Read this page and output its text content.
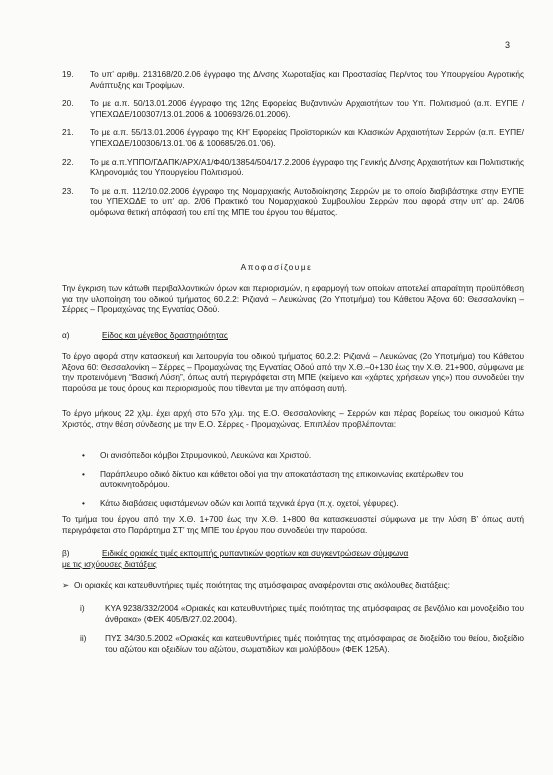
3
19. Το υπ’ αριθμ. 213168/20.2.06 έγγραφο της Δ/νσης Χωροταξίας και Προστασίας Περ/ντος του Υπουργείου Αγροτικής Ανάπτυξης και Τροφίμων.
20. Το με α.π. 50/13.01.2006 έγγραφο της 12ης Εφορείας Βυζαντινών Αρχαιοτήτων του Υπ. Πολιτισμού (α.π. ΕΥΠΕ /ΥΠΕΧΩΔΕ/100307/13.01.2006 & 100693/26.01.2006).
21. Το με α.π. 55/13.01.2006 έγγραφο της ΚΗ’ Εφορείας Προϊστορικών και Κλασικών Αρχαιοτήτων Σερρών (α.π. ΕΥΠΕ/ΥΠΕΧΩΔΕ/100306/13.01.’06 & 100685/26.01.’06).
22. Το με α.π.ΥΠΠΟ/ΓΔΑΠΚ/ΑΡΧ/Α1/Φ40/13854/504/17.2.2006 έγγραφο της Γενικής Δ/νσης Αρχαιοτήτων και Πολιτιστικής Κληρονομιάς του Υπουργείου Πολιτισμού.
23. Το με α.π. 112/10.02.2006 έγγραφο της Νομαρχιακής Αυτοδιοίκησης Σερρών με το οποίο διαβιβάστηκε στην ΕΥΠΕ του ΥΠΕΧΩΔΕ το υπ’ αρ. 2/06 Πρακτικό του Νομαρχιακού Συμβουλίου Σερρών που αφορά στην υπ’ αρ. 24/06 ομόφωνα θετική απόφασή του επί της ΜΠΕ του έργου του θέματος.
Αποφασίζουμε
Την έγκριση των κάτωθι περιβαλλοντικών όρων και περιορισμών, η εφαρμογή των οποίων αποτελεί απαραίτητη προϋπόθεση για την υλοποίηση του οδικού τμήματος 60.2.2: Ριζιανά – Λευκώνας (2ο Υποτμήμα) του Κάθετου Άξονα 60: Θεσσαλονίκη – Σέρρες – Προμαχώνας της Εγνατίας Οδού.
α)	Είδος και μέγεθος δραστηριότητας
Το έργο αφορά στην κατασκευή και λειτουργία του οδικού τμήματος 60.2.2: Ριζιανά – Λευκώνας (2ο Υποτμήμα) του Κάθετου Άξονα 60: Θεσσαλονίκη – Σέρρες – Προμαχώνας της Εγνατίας Οδού από την Χ.Θ.–0+130 έως την Χ.Θ. 21+900, σύμφωνα με την προτεινόμενη “Βασική Λύση”, όπως αυτή περιγράφεται στη ΜΠΕ (κείμενο και «χάρτες χρήσεων γης») που συνοδεύει την παρούσα με τους όρους και περιορισμούς που τίθενται με την απόφαση αυτή.
Το έργο μήκους 22 χλμ. έχει αρχή στο 57ο χλμ. της Ε.Ο. Θεσσαλονίκης – Σερρών και πέρας βορείως του οικισμού Κάτω Χριστός, στην θέση σύνδεσης με την Ε.Ο. Σέρρες - Προμαχώνας. Επιπλέον προβλέπονται:
• Οι ανισόπεδοι κόμβοι Στρυμονικού, Λευκώνα και Χριστού.
• Παράπλευρο οδικό δίκτυο και κάθετοι οδοί για την αποκατάσταση της επικοινωνίας εκατέρωθεν του αυτοκινητοδρόμου.
• Κάτω διαβάσεις υφιστάμενων οδών και λοιπά τεχνικά έργα (π.χ. οχετοί, γέφυρες).
Το τμήμα του έργου από την Χ.Θ. 1+700 έως την Χ.Θ. 1+800 θα κατασκευαστεί σύμφωνα με την λύση Β’ όπως αυτή περιγράφεται στο Παράρτημα ΣΤ’ της ΜΠΕ του έργου που συνοδεύει την παρούσα.
β)	Ειδικές οριακές τιμές εκπομπής ρυπαντικών φορτίων και συγκεντρώσεων σύμφωνα
με τις ισχύουσες διατάξεις
➢ Οι οριακές και κατευθυντήριες τιμές ποιότητας της ατμόσφαιρας αναφέρονται στις ακόλουθες διατάξεις:
i) ΚΥΑ 9238/332/2004 «Οριακές και κατευθυντήριες τιμές ποιότητας της ατμόσφαιρας σε βενζόλιο και μονοξείδιο του άνθρακα» (ΦΕΚ 405/Β/27.02.2004).
ii) ΠΥΣ 34/30.5.2002 «Οριακές και κατευθυντήριες τιμές ποιότητας της ατμόσφαιρας σε διοξείδιο του θείου, διοξείδιο του αζώτου και οξειδίων του αζώτου, σωματιδίων και μολύβδου» (ΦΕΚ 125Α).
